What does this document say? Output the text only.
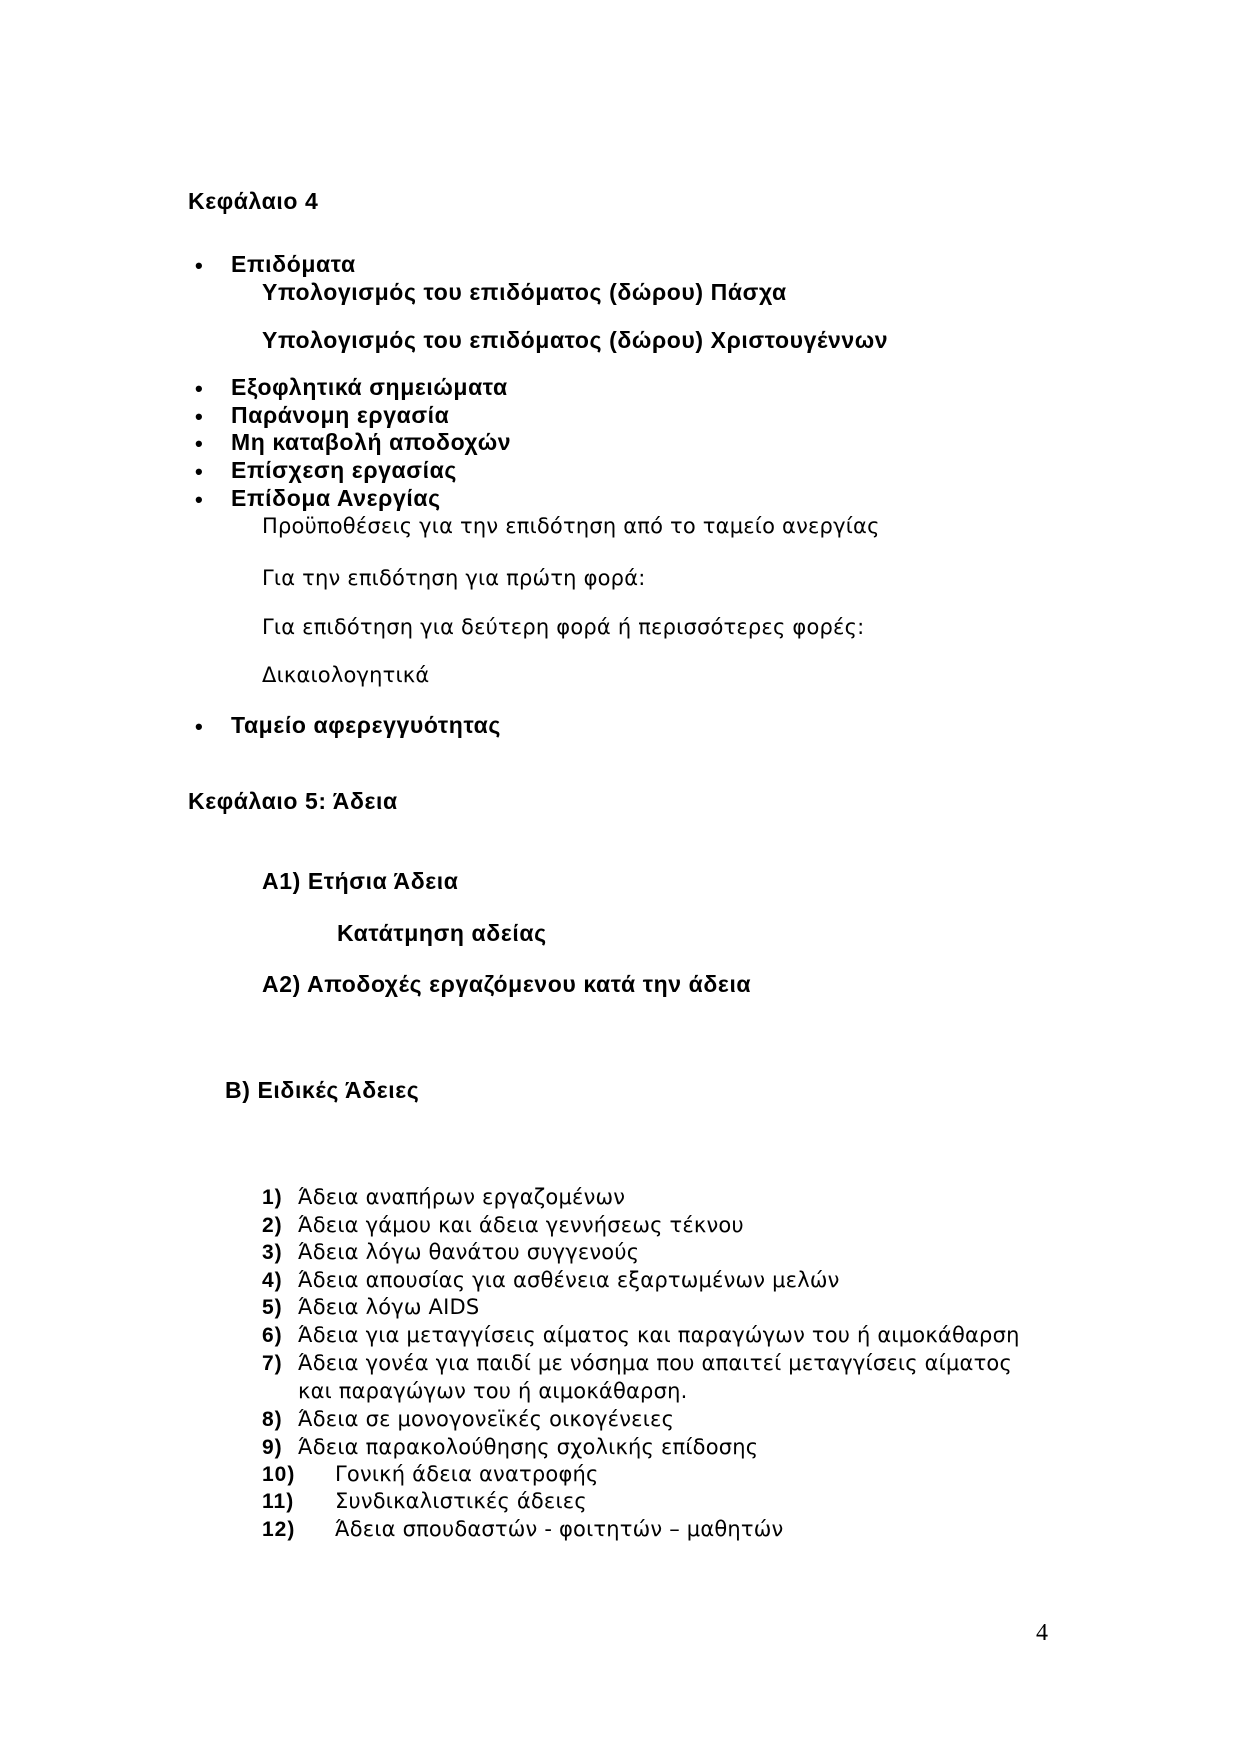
Κεφάλαιο 4
• Επιδόματα
Υπολογισμός του επιδόματος (δώρου) Πάσχα
Υπολογισμός του επιδόματος (δώρου) Χριστουγέννων
• Εξοφλητικά σημειώματα
• Παράνομη εργασία
• Μη καταβολή αποδοχών
• Επίσχεση εργασίας
• Επίδομα Ανεργίας
Προϋποθέσεις για την επιδότηση από το ταμείο ανεργίας
Για την επιδότηση για πρώτη φορά:
Για επιδότηση για δεύτερη φορά ή περισσότερες φορές:
Δικαιολογητικά
• Ταμείο αφερεγγυότητας
Κεφάλαιο 5: Άδεια
Α1) Ετήσια Άδεια
Κατάτμηση αδείας
Α2) Αποδοχές εργαζόμενου κατά την άδεια
Β) Ειδικές Άδειες
1) Άδεια αναπήρων εργαζομένων
2) Άδεια γάμου και άδεια γεννήσεως τέκνου
3) Άδεια λόγω θανάτου συγγενούς
4) Άδεια απουσίας για ασθένεια εξαρτωμένων μελών
5) Άδεια λόγω AIDS
6) Άδεια για μεταγγίσεις αίματος και παραγώγων του ή αιμοκάθαρση
7) Άδεια γονέα για παιδί με νόσημα που απαιτεί μεταγγίσεις αίματος
και παραγώγων του ή αιμοκάθαρση.
8) Άδεια σε μονογονεϊκές οικογένειες
9) Άδεια παρακολούθησης σχολικής επίδοσης
10) Γονική άδεια ανατροφής
11) Συνδικαλιστικές άδειες
12) Άδεια σπουδαστών - φοιτητών – μαθητών
4
